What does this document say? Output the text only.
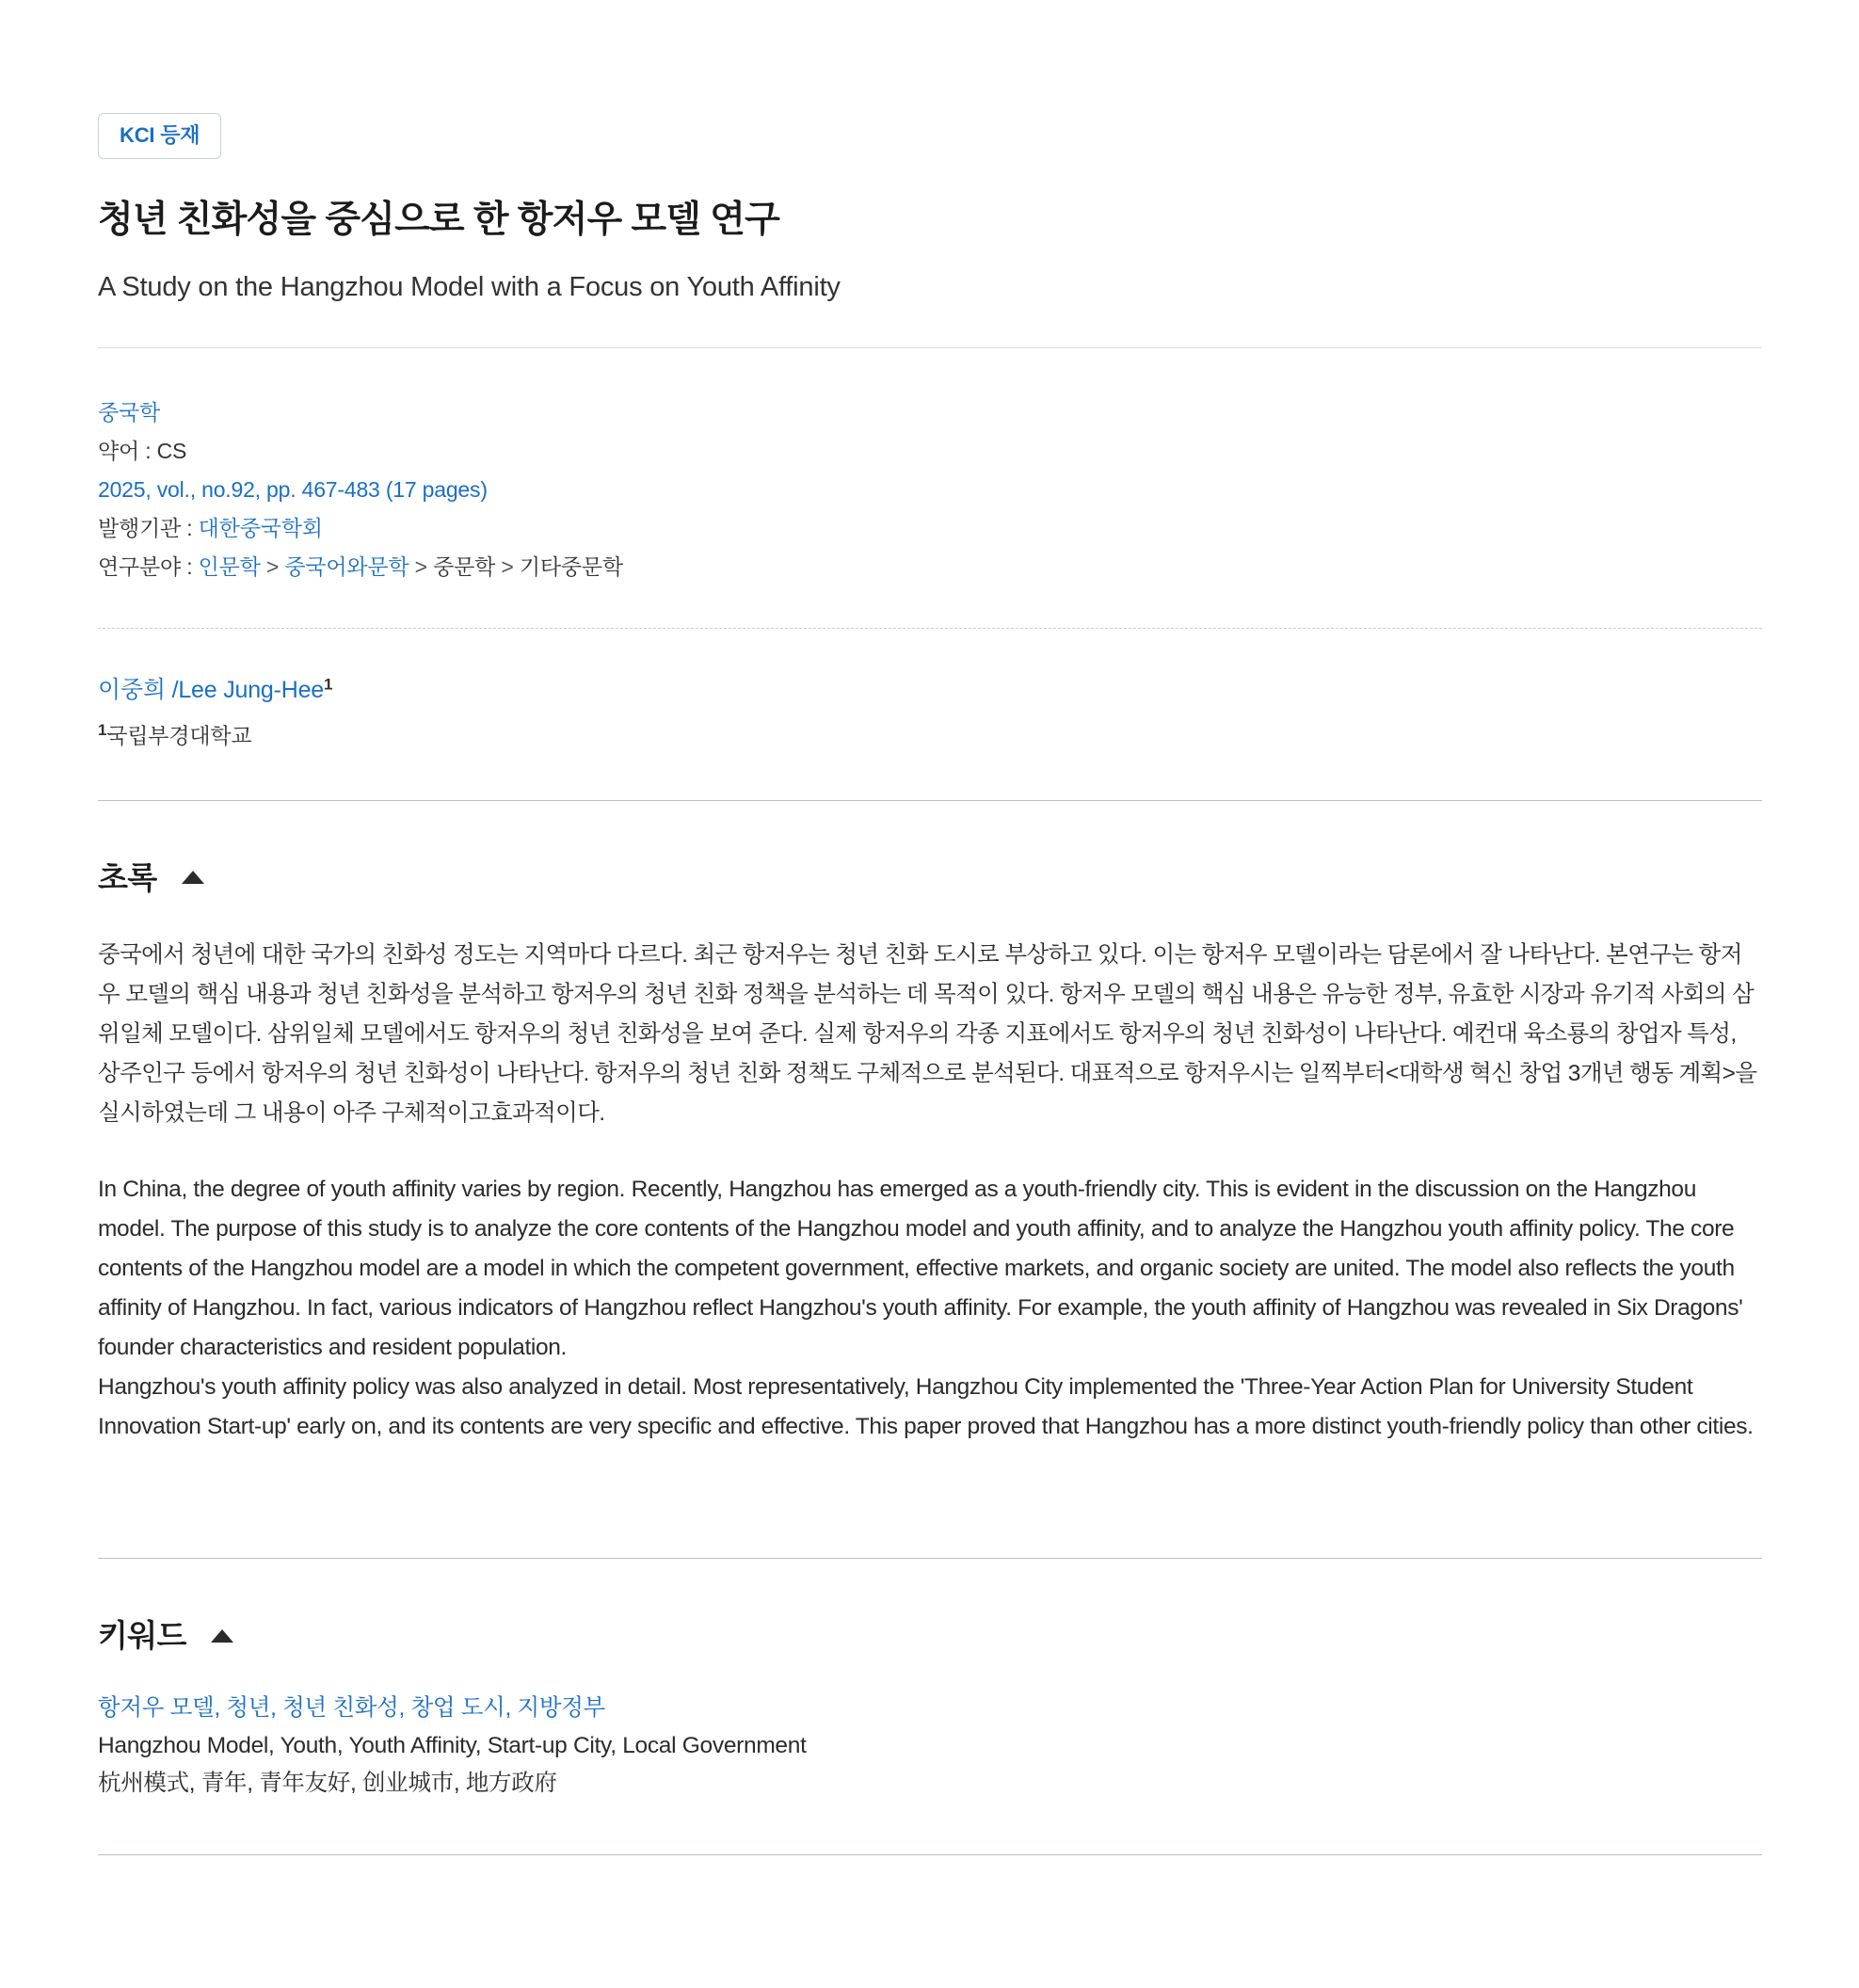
KCI 등재
청년 친화성을 중심으로 한 항저우 모델 연구
A Study on the Hangzhou Model with a Focus on Youth Affinity
중국학
약어 : CS
2025, vol., no.92, pp. 467-483 (17 pages)
발행기관 : 대한중국학회
연구분야 : 인문학 > 중국어와문학 > 중문학 > 기타중문학
이중희 /Lee Jung-Hee$^1$
$^1$국립부경대학교
초록

중국에서 청년에 대한 국가의 친화성 정도는 지역마다 다르다. 최근 항저우는 청년 친화 도시로 부상하고 있다. 이는 항저우 모델이라는 담론에서 잘 나타난다. 본연구는 항저우 모델의 핵심 내용과 청년 친화성을 분석하고 항저우의 청년 친화 정책을 분석하는 데 목적이 있다. 항저우 모델의 핵심 내용은 유능한 정부, 유효한 시장과 유기적 사회의 삼위일체 모델이다. 삼위일체 모델에서도 항저우의 청년 친화성을 보여 준다. 실제 항저우의 각종 지표에서도 항저우의 청년 친화성이 나타난다. 예컨대 육소룡의 창업자 특성, 상주인구 등에서 항저우의 청년 친화성이 나타난다. 항저우의 청년 친화 정책도 구체적으로 분석된다. 대표적으로 항저우시는 일찍부터<대학생 혁신 창업 3개년 행동 계획>을 실시하였는데 그 내용이 아주 구체적이고효과적이다.

In China, the degree of youth affinity varies by region. Recently, Hangzhou has emerged as a youth-friendly city. This is evident in the discussion on the Hangzhou model. The purpose of this study is to analyze the core contents of the Hangzhou model and youth affinity, and to analyze the Hangzhou youth affinity policy. The core contents of the Hangzhou model are a model in which the competent government, effective markets, and organic society are united. The model also reflects the youth affinity of Hangzhou. In fact, various indicators of Hangzhou reflect Hangzhou's youth affinity. For example, the youth affinity of Hangzhou was revealed in Six Dragons' founder characteristics and resident population.

Hangzhou's youth affinity policy was also analyzed in detail. Most representatively, Hangzhou City implemented the 'Three-Year Action Plan for University Student Innovation Start-up' early on, and its contents are very specific and effective. This paper proved that Hangzhou has a more distinct youth-friendly policy than other cities.

키워드
항저우 모델, 청년, 청년 친화성, 창업 도시, 지방정부
Hangzhou Model, Youth, Youth Affinity, Start-up City, Local Government
杭州模式, 青年, 青年友好, 创业城市, 地方政府
